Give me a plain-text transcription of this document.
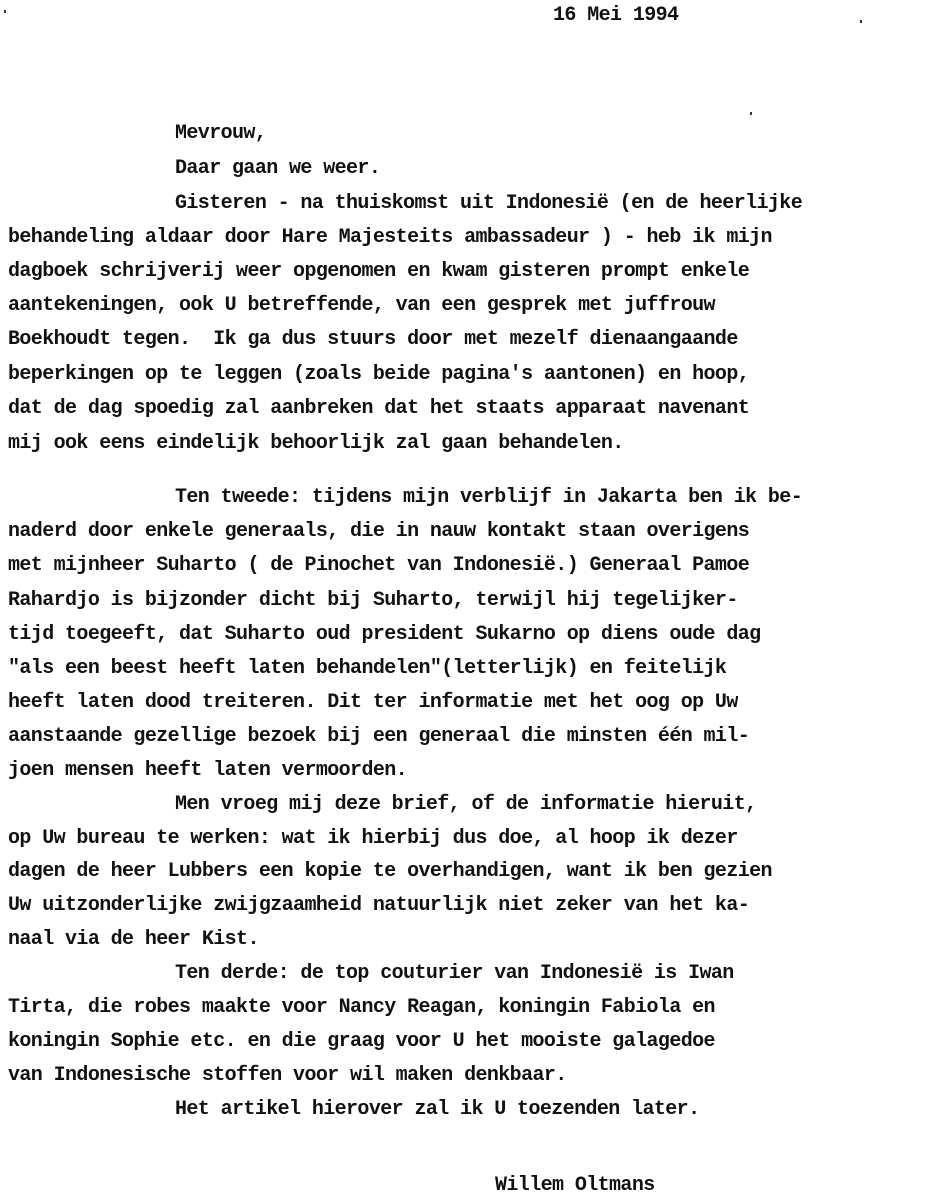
16 Mei 1994
Mevrouw,
Daar gaan we weer.
Gisteren - na thuiskomst uit Indonesië (en de heerlijke
behandeling aldaar door Hare Majesteits ambassadeur ) - heb ik mijn
dagboek schrijverij weer opgenomen en kwam gisteren prompt enkele
aantekeningen, ook U betreffende, van een gesprek met juffrouw
Boekhoudt tegen.  Ik ga dus stuurs door met mezelf dienaangaande
beperkingen op te leggen (zoals beide pagina's aantonen) en hoop,
dat de dag spoedig zal aanbreken dat het staats apparaat navenant
mij ook eens eindelijk behoorlijk zal gaan behandelen.
Ten tweede: tijdens mijn verblijf in Jakarta ben ik be-
naderd door enkele generaals, die in nauw kontakt staan overigens
met mijnheer Suharto ( de Pinochet van Indonesië.) Generaal Pamoe
Rahardjo is bijzonder dicht bij Suharto, terwijl hij tegelijker-
tijd toegeeft, dat Suharto oud president Sukarno op diens oude dag
"als een beest heeft laten behandelen"(letterlijk) en feitelijk
heeft laten dood treiteren. Dit ter informatie met het oog op Uw
aanstaande gezellige bezoek bij een generaal die minsten één mil-
joen mensen heeft laten vermoorden.
Men vroeg mij deze brief, of de informatie hieruit,
op Uw bureau te werken: wat ik hierbij dus doe, al hoop ik dezer
dagen de heer Lubbers een kopie te overhandigen, want ik ben gezien
Uw uitzonderlijke zwijgzaamheid natuurlijk niet zeker van het ka-
naal via de heer Kist.
Ten derde: de top couturier van Indonesië is Iwan
Tirta, die robes maakte voor Nancy Reagan, koningin Fabiola en
koningin Sophie etc. en die graag voor U het mooiste galagedoe
van Indonesische stoffen voor wil maken denkbaar.
Het artikel hierover zal ik U toezenden later.
Willem Oltmans
